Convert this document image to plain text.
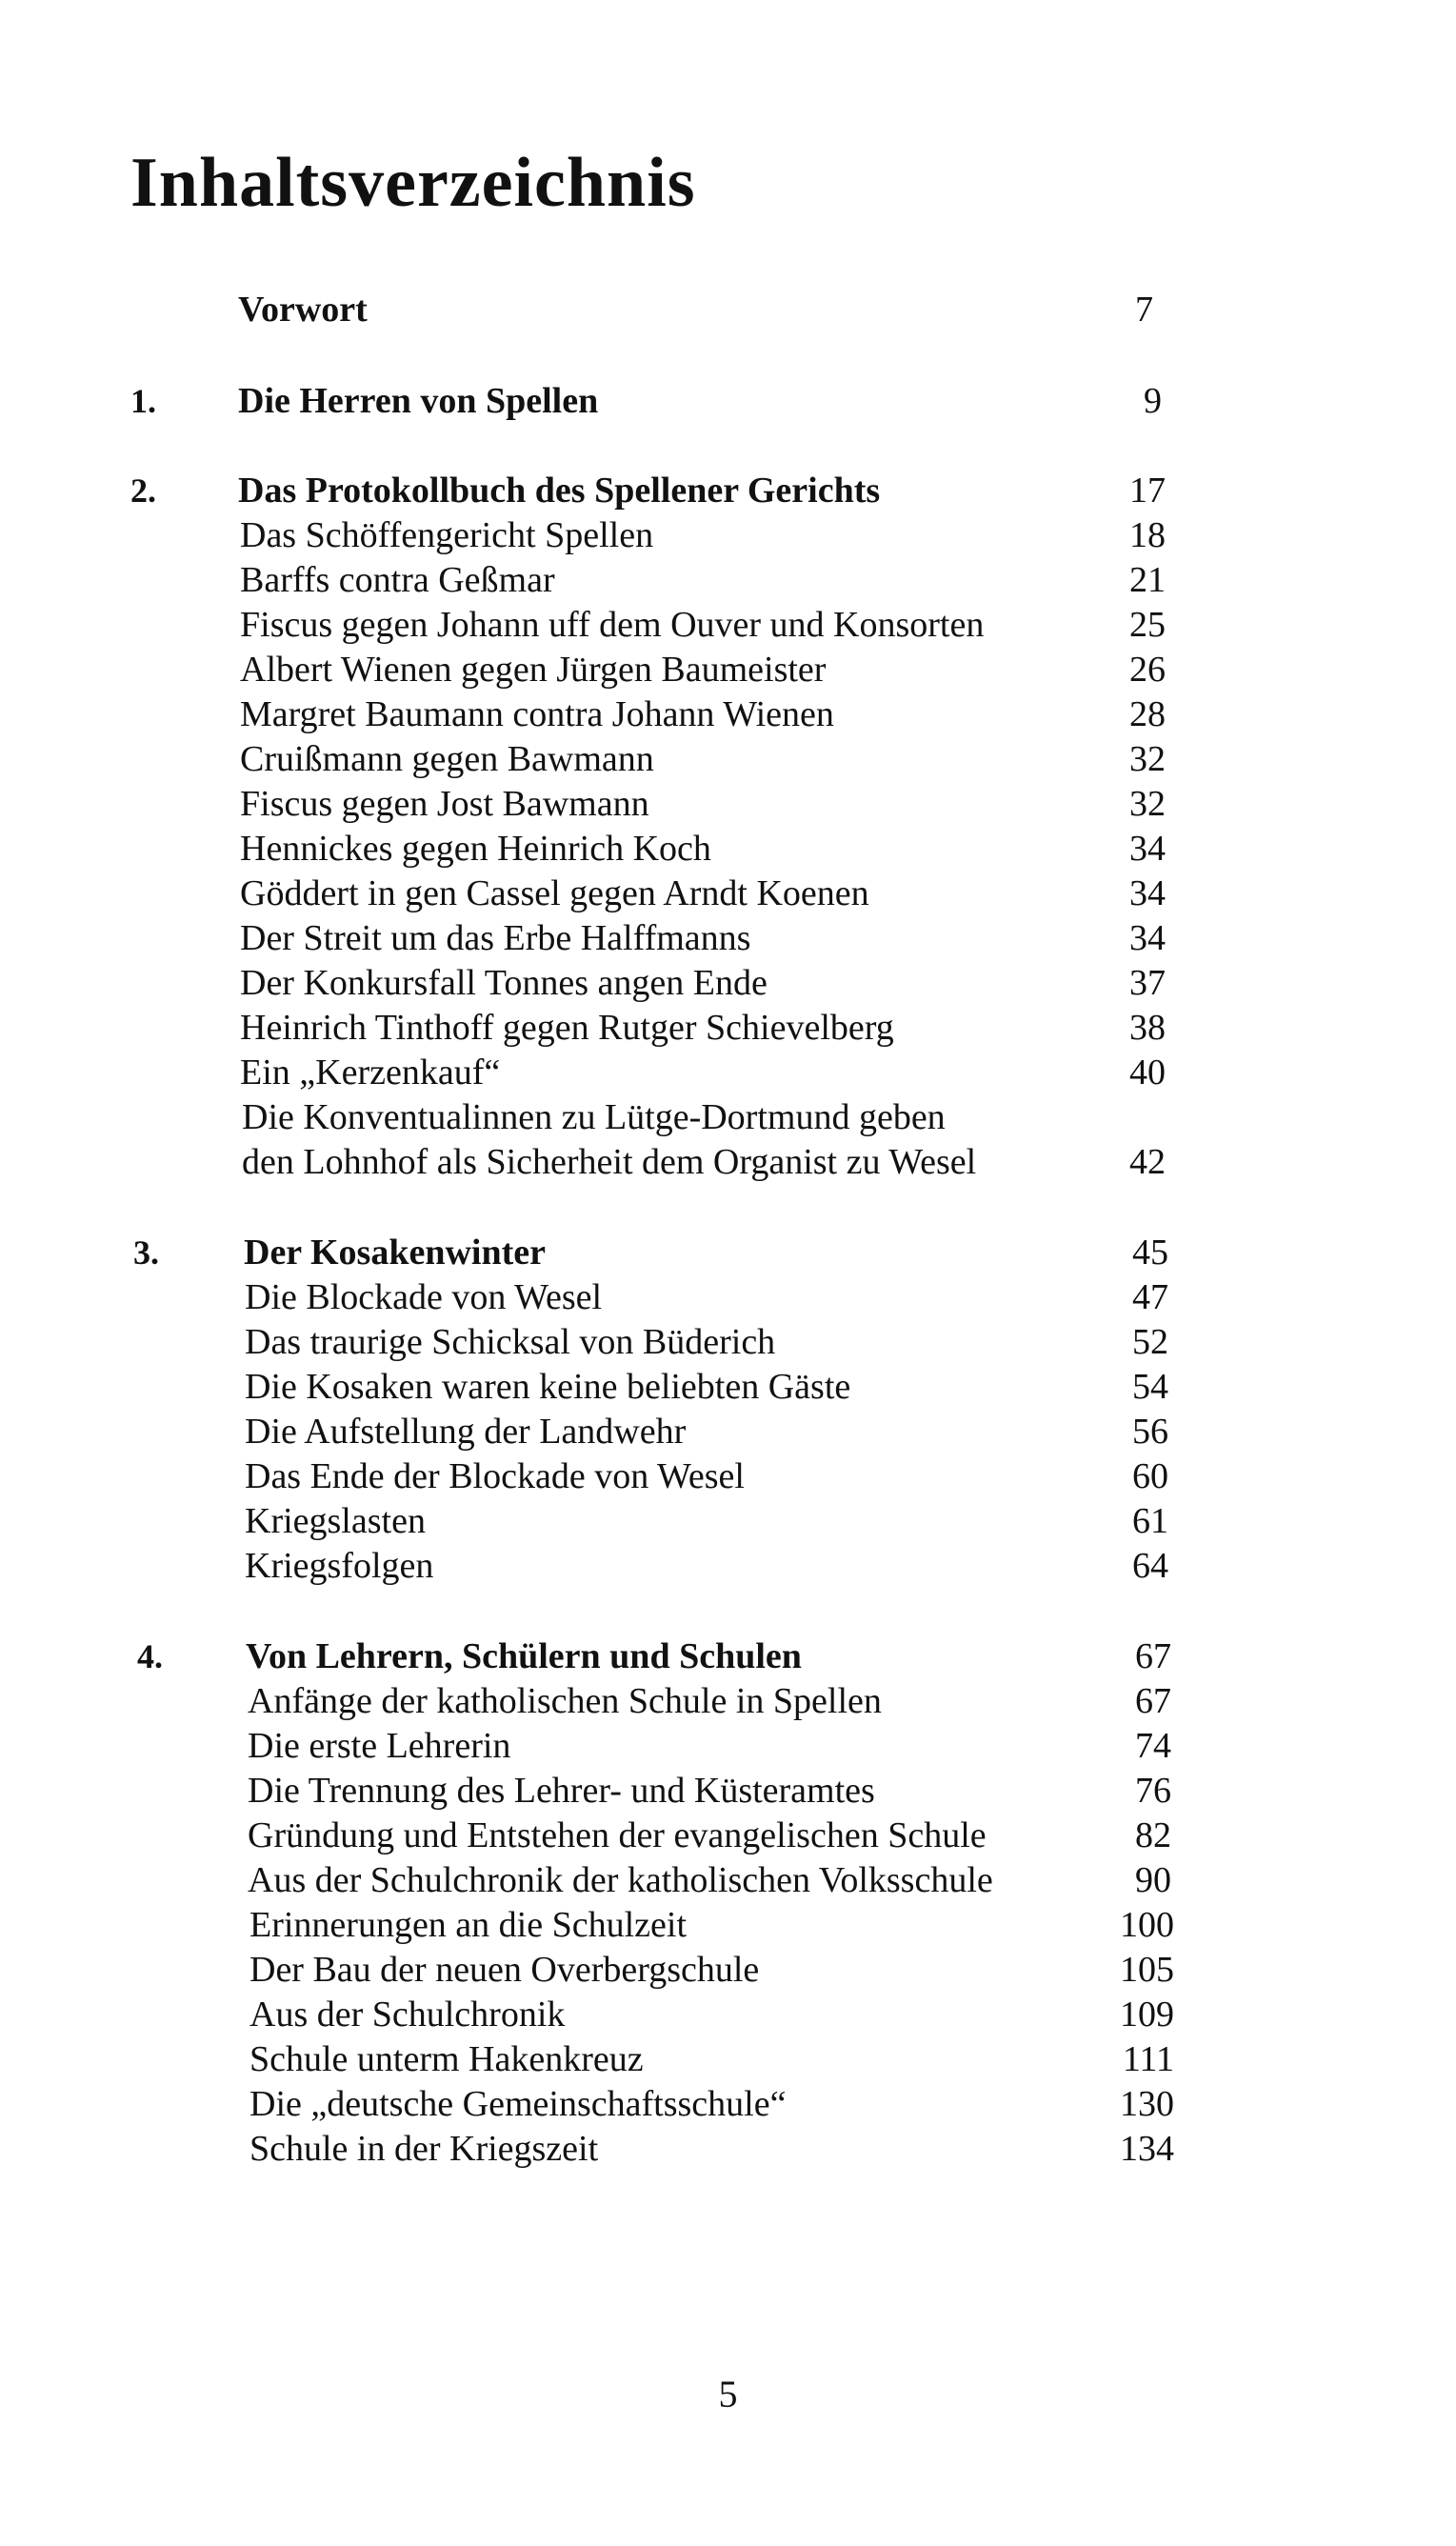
Inhaltsverzeichnis
Vorwort	7
1. Die Herren von Spellen	9
2. Das Protokollbuch des Spellener Gerichts	17
Das Schöffengericht Spellen	18
Barffs contra Geßmar	21
Fiscus gegen Johann uff dem Ouver und Konsorten	25
Albert Wienen gegen Jürgen Baumeister	26
Margret Baumann contra Johann Wienen	28
Cruißmann gegen Bawmann	32
Fiscus gegen Jost Bawmann	32
Hennickes gegen Heinrich Koch	34
Göddert in gen Cassel gegen Arndt Koenen	34
Der Streit um das Erbe Halffmanns	34
Der Konkursfall Tonnes angen Ende	37
Heinrich Tinthoff gegen Rutger Schievelberg	38
Ein „Kerzenkauf“	40
Die Konventualinnen zu Lütge-Dortmund geben
den Lohnhof als Sicherheit dem Organist zu Wesel	42
3. Der Kosakenwinter	45
Die Blockade von Wesel	47
Das traurige Schicksal von Büderich	52
Die Kosaken waren keine beliebten Gäste	54
Die Aufstellung der Landwehr	56
Das Ende der Blockade von Wesel	60
Kriegslasten	61
Kriegsfolgen	64
4. Von Lehrern, Schülern und Schulen	67
Anfänge der katholischen Schule in Spellen	67
Die erste Lehrerin	74
Die Trennung des Lehrer- und Küsteramtes	76
Gründung und Entstehen der evangelischen Schule	82
Aus der Schulchronik der katholischen Volksschule	90
Erinnerungen an die Schulzeit	100
Der Bau der neuen Overbergschule	105
Aus der Schulchronik	109
Schule unterm Hakenkreuz	111
Die „deutsche Gemeinschaftsschule“	130
Schule in der Kriegszeit	134
5
